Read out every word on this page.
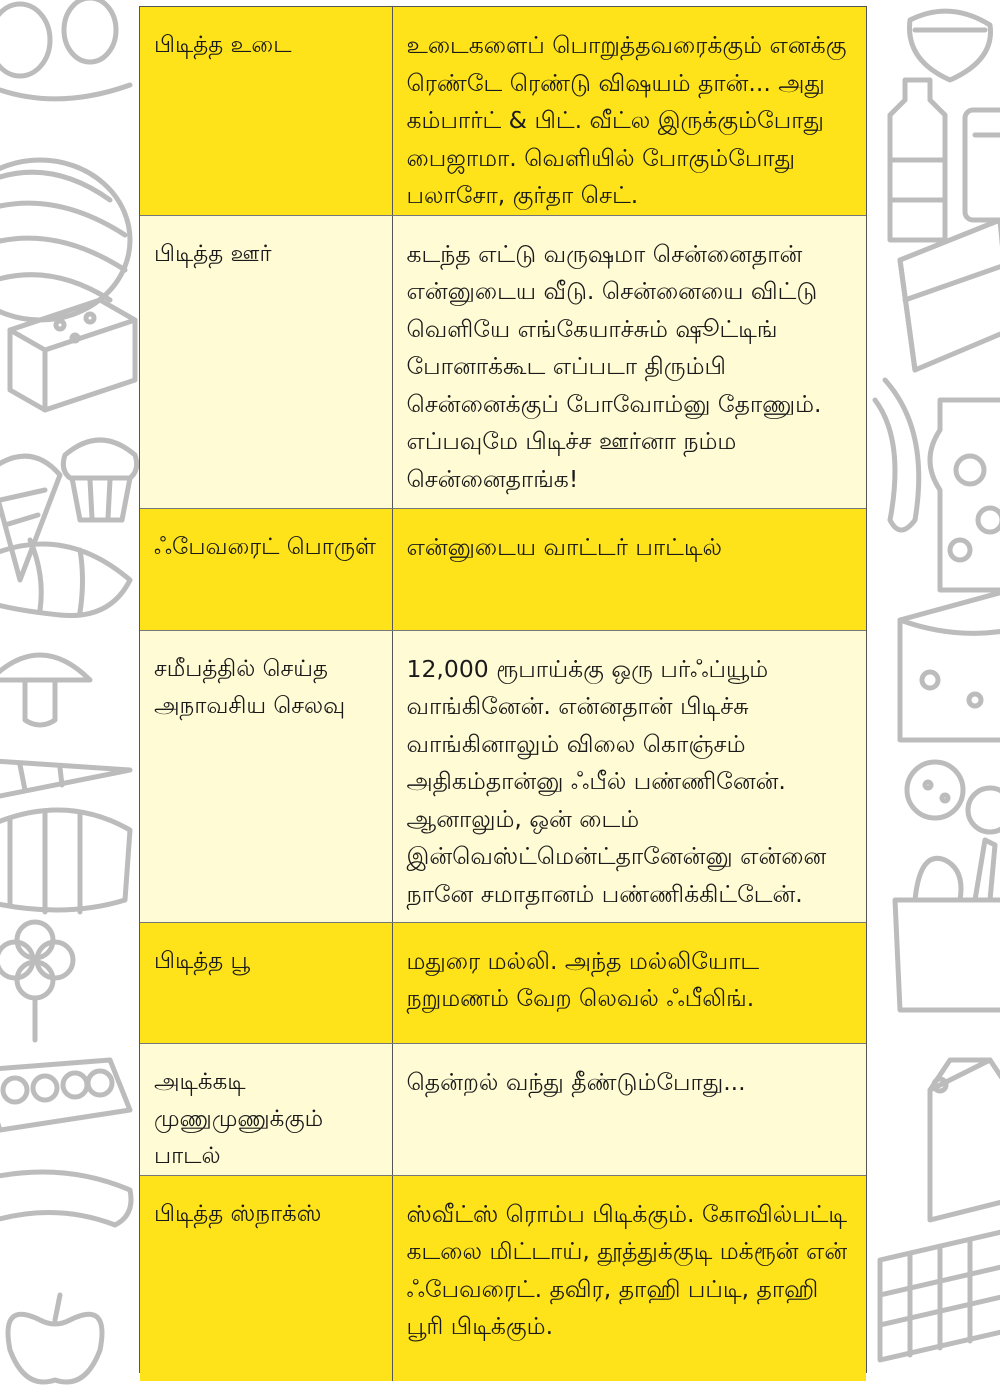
பிடித்த உடை	உடைகளைப் பொறுத்தவரைக்கும் எனக்கு ரெண்டே ரெண்டு விஷயம் தான்... அது கம்பார்ட் & பிட். வீட்ல இருக்கும்போது பைஜாமா. வெளியில் போகும்போது பலாசோ, குர்தா செட்.
பிடித்த ஊர்	கடந்த எட்டு வருஷமா சென்னைதான் என்னுடைய வீடு. சென்னையை விட்டு வெளியே எங்கேயாச்சும் ஷூட்டிங் போனாக்கூட எப்படா திரும்பி சென்னைக்குப் போவோம்னு தோணும். எப்பவுமே பிடிச்ச ஊர்னா நம்ம சென்னைதாங்க!
ஃபேவரைட் பொருள்	என்னுடைய வாட்டர் பாட்டில்
சமீபத்தில் செய்த அநாவசிய செலவு	12,000 ரூபாய்க்கு ஒரு பர்ஃப்யூம் வாங்கினேன். என்னதான் பிடிச்சு வாங்கினாலும் விலை கொஞ்சம் அதிகம்தான்னு ஃபீல் பண்ணினேன். ஆனாலும், ஒன் டைம் இன்வெஸ்ட்மென்ட்தானேன்னு என்னை நானே சமாதானம் பண்ணிக்கிட்டேன்.
பிடித்த பூ	மதுரை மல்லி. அந்த மல்லியோட நறுமணம் வேற லெவல் ஃபீலிங்.
அடிக்கடி முணுமுணுக்கும் பாடல்	தென்றல் வந்து தீண்டும்போது...
பிடித்த ஸ்நாக்ஸ்	ஸ்வீட்ஸ் ரொம்ப பிடிக்கும். கோவில்பட்டி கடலை மிட்டாய், தூத்துக்குடி மக்ரூன் என் ஃபேவரைட். தவிர, தாஹி பப்டி, தாஹி பூரி பிடிக்கும்.
